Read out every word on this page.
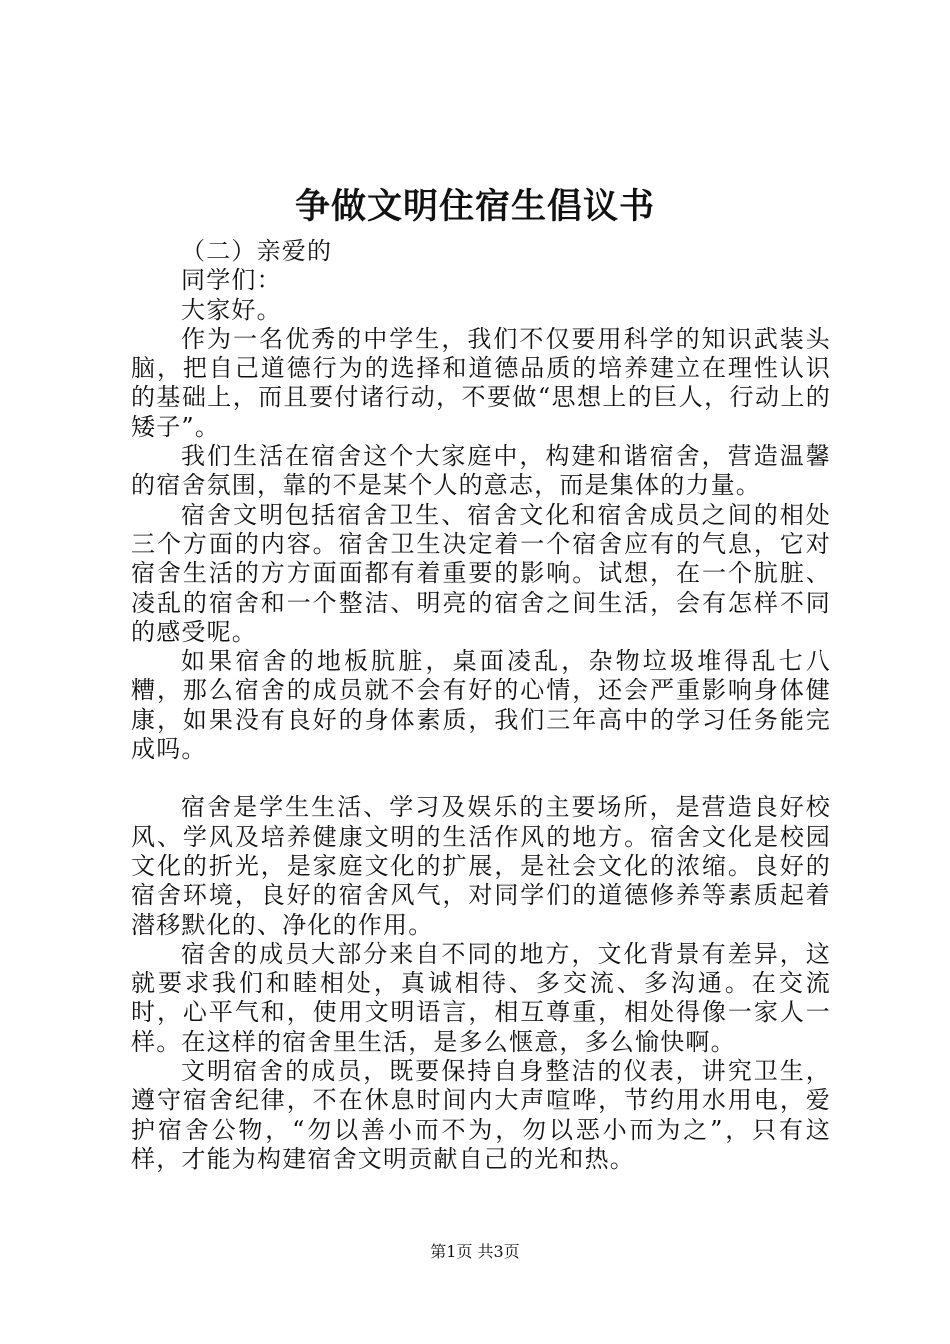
争做文明住宿生倡议书

（二）亲爱的

同学们：

大家好。

作为一名优秀的中学生，我们不仅要用科学的知识武装头脑，把自己道德行为的选择和道德品质的培养建立在理性认识的基础上，而且要付诸行动，不要做“思想上的巨人，行动上的矮子”。

我们生活在宿舍这个大家庭中，构建和谐宿舍，营造温馨的宿舍氛围，靠的不是某个人的意志，而是集体的力量。

宿舍文明包括宿舍卫生、宿舍文化和宿舍成员之间的相处三个方面的内容。宿舍卫生决定着一个宿舍应有的气息，它对宿舍生活的方方面面都有着重要的影响。试想，在一个肮脏、凌乱的宿舍和一个整洁、明亮的宿舍之间生活，会有怎样不同的感受呢。

如果宿舍的地板肮脏，桌面凌乱，杂物垃圾堆得乱七八糟，那么宿舍的成员就不会有好的心情，还会严重影响身体健康，如果没有良好的身体素质，我们三年高中的学习任务能完成吗。

宿舍是学生生活、学习及娱乐的主要场所，是营造良好校风、学风及培养健康文明的生活作风的地方。宿舍文化是校园文化的折光，是家庭文化的扩展，是社会文化的浓缩。良好的宿舍环境，良好的宿舍风气，对同学们的道德修养等素质起着潜移默化的、净化的作用。

宿舍的成员大部分来自不同的地方，文化背景有差异，这就要求我们和睦相处，真诚相待、多交流、多沟通。在交流时，心平气和，使用文明语言，相互尊重，相处得像一家人一样。在这样的宿舍里生活，是多么惬意，多么愉快啊。

文明宿舍的成员，既要保持自身整洁的仪表，讲究卫生，遵守宿舍纪律，不在休息时间内大声喧哗，节约用水用电，爱护宿舍公物，“勿以善小而不为，勿以恶小而为之”，只有这样，才能为构建宿舍文明贡献自己的光和热。

第1页 共3页
